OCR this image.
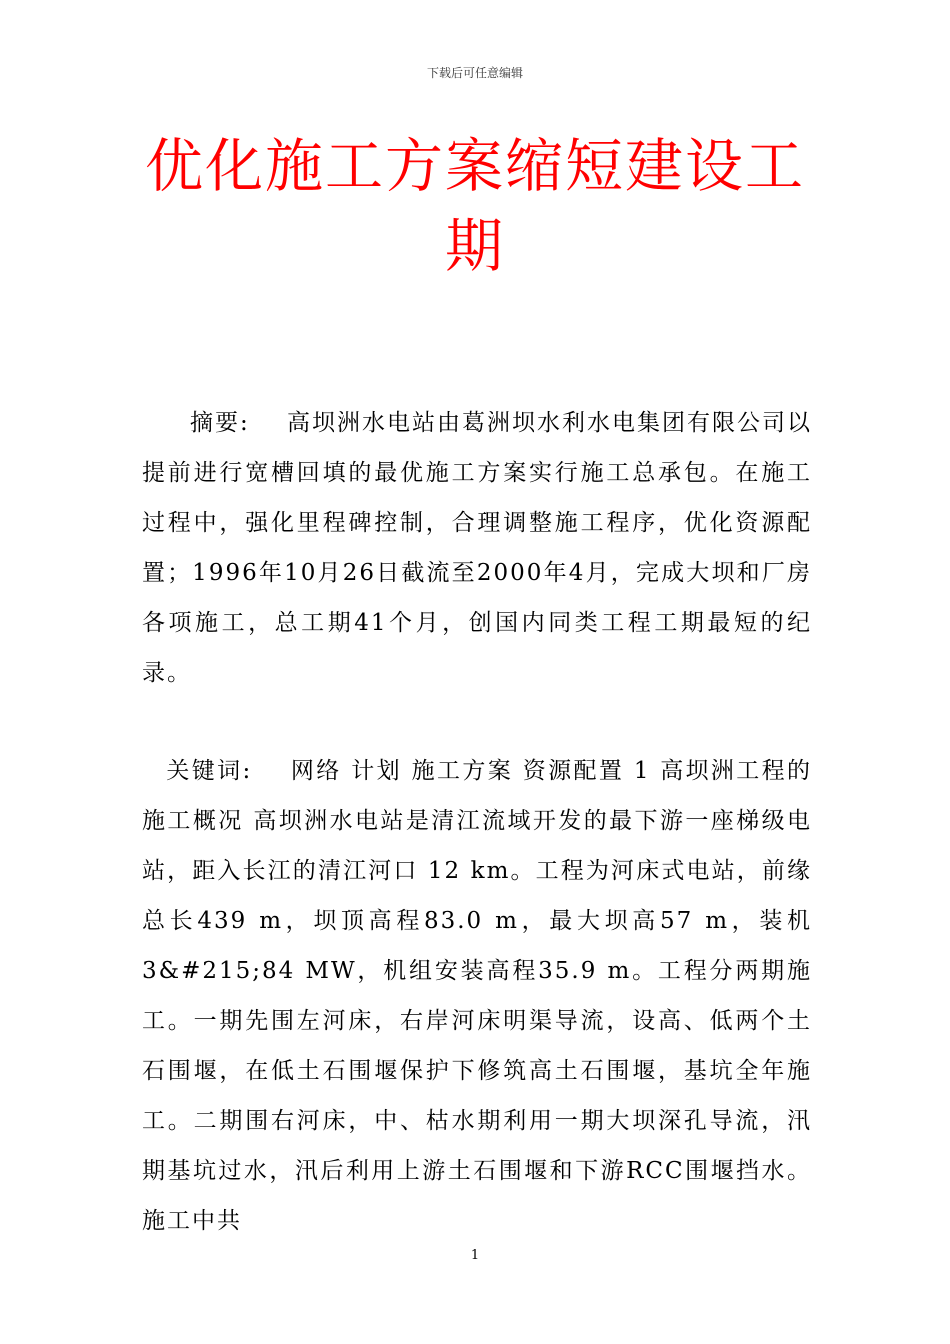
下载后可任意编辑
优化施工方案缩短建设工期

摘要: 高坝洲水电站由葛洲坝水利水电集团有限公司以提前进行宽槽回填的最优施工方案实行施工总承包。在施工过程中，强化里程碑控制，合理调整施工程序，优化资源配置；1996年10月26日截流至2000年4月，完成大坝和厂房各项施工，总工期41个月，创国内同类工程工期最短的纪录。

关键词: 网络 计划 施工方案 资源配置 1 高坝洲工程的施工概况 高坝洲水电站是清江流域开发的最下游一座梯级电站，距入长江的清江河口 12 km。工程为河床式电站，前缘总长439 m，坝顶高程83.0 m，最大坝高57 m，装机3&#215;84 MW，机组安装高程35.9 m。工程分两期施工。一期先围左河床，右岸河床明渠导流，设高、低两个土石围堰，在低土石围堰保护下修筑高土石围堰，基坑全年施工。二期围右河床，中、枯水期利用一期大坝深孔导流，汛期基坑过水，汛后利用上游土石围堰和下游RCC围堰挡水。施工中共

1
